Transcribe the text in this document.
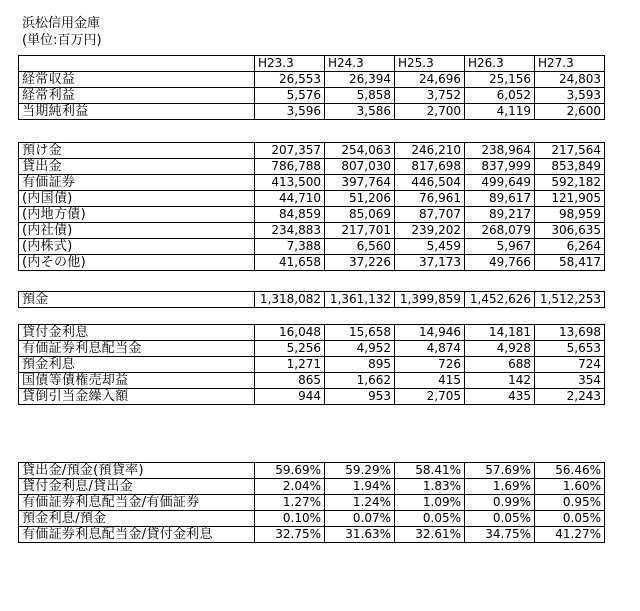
浜松信用金庫
(単位:百万円)
	H23.3	H24.3	H25.3	H26.3	H27.3
経常収益	26,553	26,394	24,696	25,156	24,803
経常利益	5,576	5,858	3,752	6,052	3,593
当期純利益	3,596	3,586	2,700	4,119	2,600
預け金	207,357	254,063	246,210	238,964	217,564
貸出金	786,788	807,030	817,698	837,999	853,849
有価証券	413,500	397,764	446,504	499,649	592,182
(内国債)	44,710	51,206	76,961	89,617	121,905
(内地方債)	84,859	85,069	87,707	89,217	98,959
(内社債)	234,883	217,701	239,202	268,079	306,635
(内株式)	7,388	6,560	5,459	5,967	6,264
(内その他)	41,658	37,226	37,173	49,766	58,417
預金	1,318,082	1,361,132	1,399,859	1,452,626	1,512,253
貸付金利息	16,048	15,658	14,946	14,181	13,698
有価証券利息配当金	5,256	4,952	4,874	4,928	5,653
預金利息	1,271	895	726	688	724
国債等債権売却益	865	1,662	415	142	354
貸倒引当金繰入額	944	953	2,705	435	2,243
貸出金/預金(預貸率)	59.69%	59.29%	58.41%	57.69%	56.46%
貸付金利息/貸出金	2.04%	1.94%	1.83%	1.69%	1.60%
有価証券利息配当金/有価証券	1.27%	1.24%	1.09%	0.99%	0.95%
預金利息/預金	0.10%	0.07%	0.05%	0.05%	0.05%
有価証券利息配当金/貸付金利息	32.75%	31.63%	32.61%	34.75%	41.27%
